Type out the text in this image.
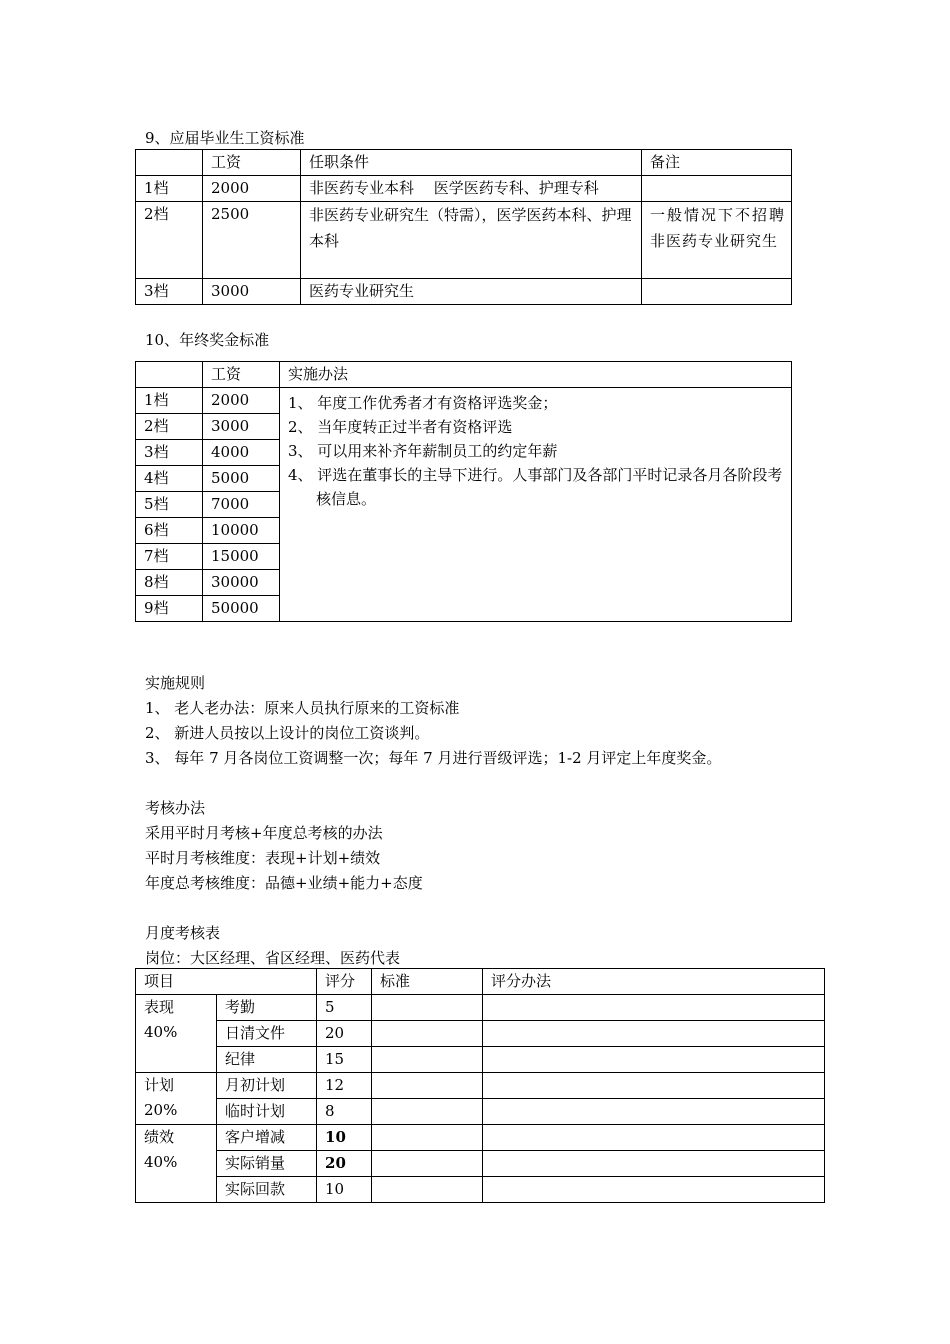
9、应届毕业生工资标准
	工资	任职条件	备注
1档	2000	非医药专业本科　 医学医药专科、护理专科	
2档	2500	非医药专业研究生（特需），医学医药本科、护理本科	一般情况下不招聘非医药专业研究生
3档	3000	医药专业研究生	
10、年终奖金标准
	工资	实施办法
1档	2000	1、 年度工作优秀者才有资格评选奖金；
2、 当年度转正过半者有资格评选
3、 可以用来补齐年薪制员工的约定年薪
4、 评选在董事长的主导下进行。人事部门及各部门平时记录各月各阶段考核信息。

2档	3000	
3档	4000	
4档	5000	
5档	7000	
6档	10000	
7档	15000	
8档	30000	
9档	50000	
实施规则
1、 老人老办法：原来人员执行原来的工资标准
2、 新进人员按以上设计的岗位工资谈判。
3、 每年 7 月各岗位工资调整一次；每年 7 月进行晋级评选；1-2 月评定上年度奖金。
考核办法
采用平时月考核+年度总考核的办法
平时月考核维度：表现+计划+绩效
年度总考核维度：品德+业绩+能力+态度
月度考核表
岗位：大区经理、省区经理、医药代表
项目		评分	标准	评分办法

表现
40%	考勤	5		
	日清文件	20		
	纪律	15		

计划
20%	月初计划	12		
	临时计划	8		

绩效
40%	客户增减	10		
	实际销量	20		
	实际回款	10		
